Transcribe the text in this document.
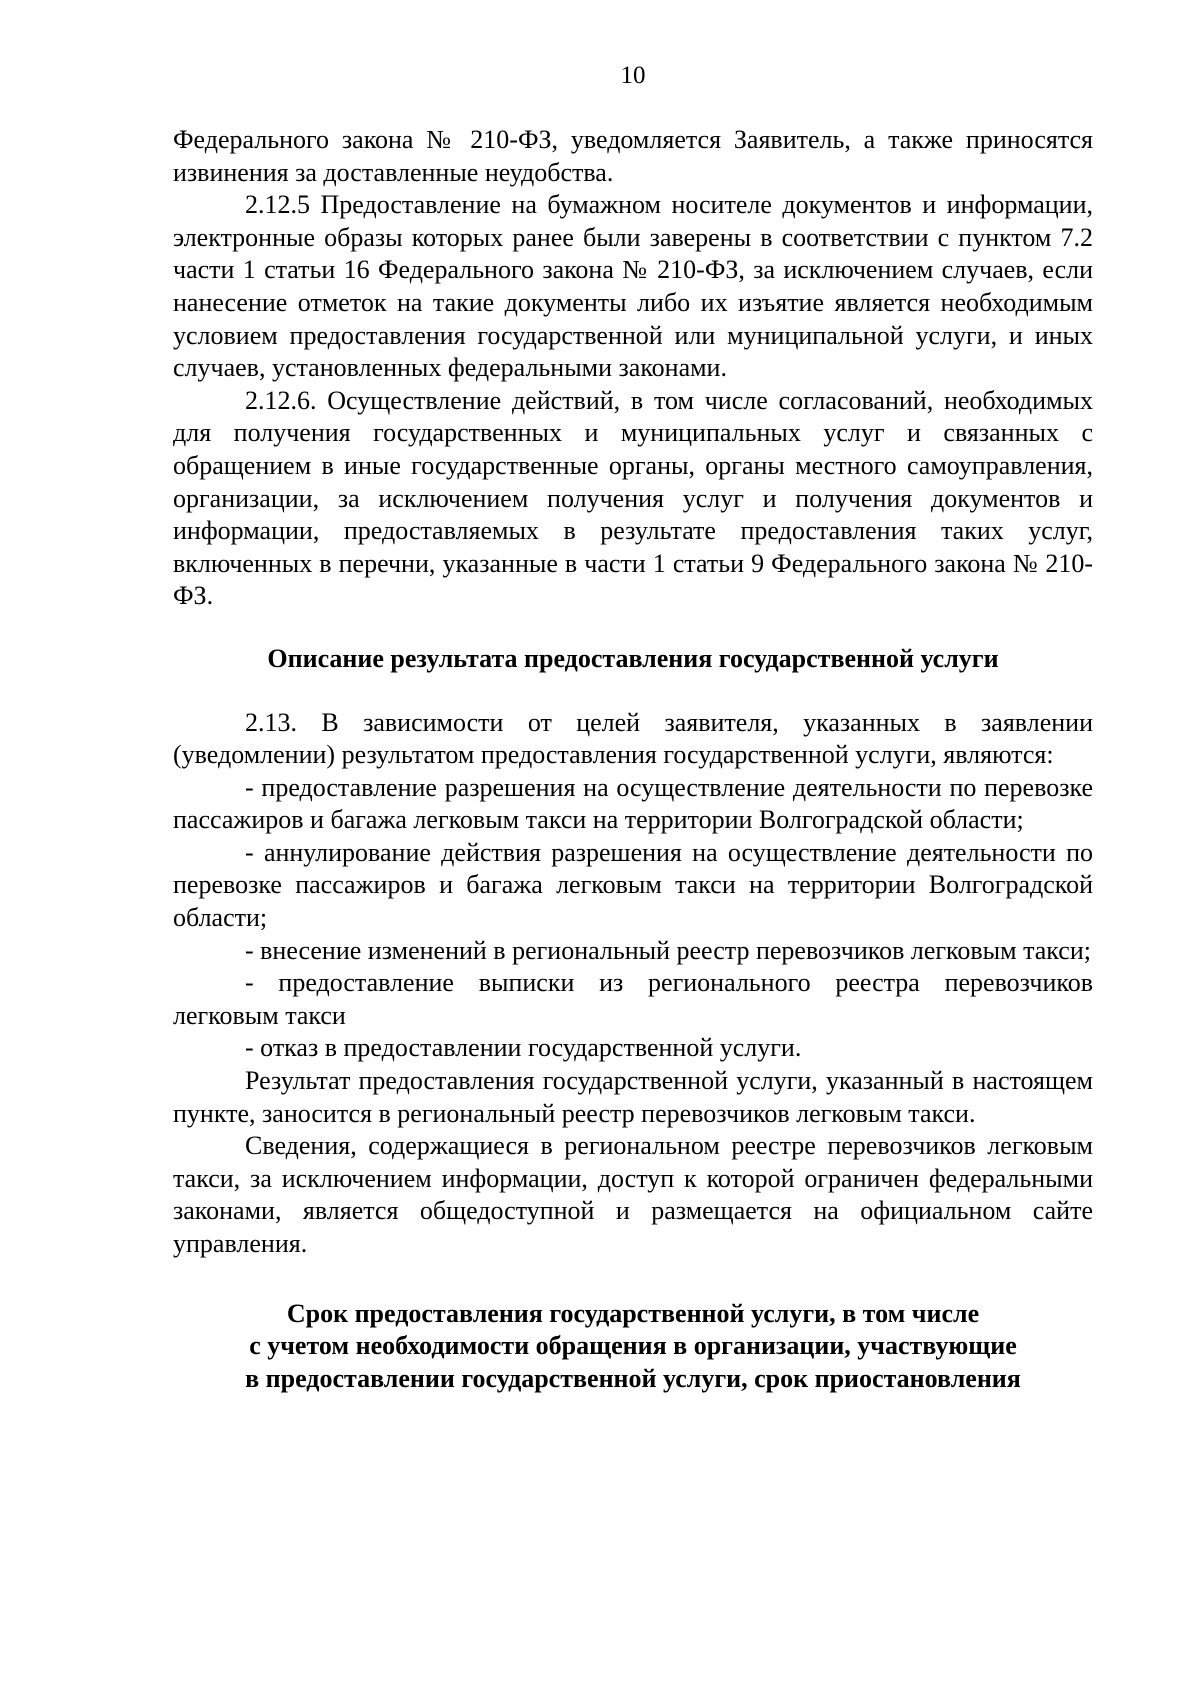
10

Федерального закона № 210-ФЗ, уведомляется Заявитель, а также приносятся извинения за доставленные неудобства.

2.12.5 Предоставление на бумажном носителе документов и информации, электронные образы которых ранее были заверены в соответствии с пунктом 7.2 части 1 статьи 16 Федерального закона № 210-ФЗ, за исключением случаев, если нанесение отметок на такие документы либо их изъятие является необходимым условием предоставления государственной или муниципальной услуги, и иных случаев, установленных федеральными законами.

2.12.6. Осуществление действий, в том числе согласований, необходимых для получения государственных и муниципальных услуг и связанных с обращением в иные государственные органы, органы местного самоуправления, организации, за исключением получения услуг и получения документов и информации, предоставляемых в результате предоставления таких услуг, включенных в перечни, указанные в части 1 статьи 9 Федерального закона № 210-ФЗ.

Описание результата предоставления государственной услуги

2.13. В зависимости от целей заявителя, указанных в заявлении (уведомлении) результатом предоставления государственной услуги, являются:

- предоставление разрешения на осуществление деятельности по перевозке пассажиров и багажа легковым такси на территории Волгоградской области;

- аннулирование действия разрешения на осуществление деятельности по перевозке пассажиров и багажа легковым такси на территории Волгоградской области;

- внесение изменений в региональный реестр перевозчиков легковым такси;

- предоставление выписки из регионального реестра перевозчиков легковым такси

- отказ в предоставлении государственной услуги.

Результат предоставления государственной услуги, указанный в настоящем пункте, заносится в региональный реестр перевозчиков легковым такси.

Сведения, содержащиеся в региональном реестре перевозчиков легковым такси, за исключением информации, доступ к которой ограничен федеральными законами, является общедоступной и размещается на официальном сайте управления.

Срок предоставления государственной услуги, в том числе
с учетом необходимости обращения в организации, участвующие
в предоставлении государственной услуги, срок приостановления
